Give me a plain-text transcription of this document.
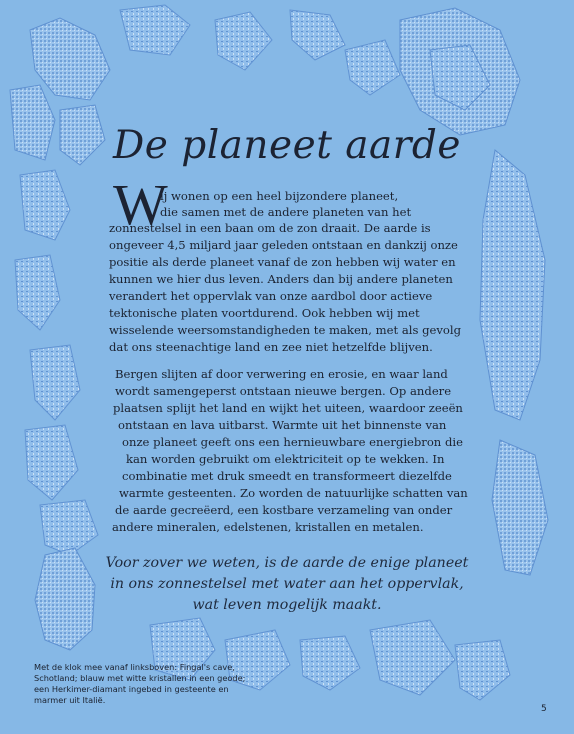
De planeet aarde
W
ij wonen op een heel bijzondere planeet,
die samen met de andere planeten van het
zonnestelsel in een baan om de zon draait. De aarde is
ongeveer 4,5 miljard jaar geleden ontstaan en dankzij onze
positie als derde planeet vanaf de zon hebben wij water en
kunnen we hier dus leven. Anders dan bij andere planeten
verandert het oppervlak van onze aardbol door actieve
tektonische platen voortdurend. Ook hebben wij met
wisselende weersomstandigheden te maken, met als gevolg
dat ons steenachtige land en zee niet hetzelfde blijven.
Bergen slijten af door verwering en erosie, en waar land
wordt samengeperst ontstaan nieuwe bergen. Op andere
plaatsen splijt het land en wijkt het uiteen, waardoor zeeën
ontstaan en lava uitbarst. Warmte uit het binnenste van
onze planeet geeft ons een hernieuwbare energiebron die
kan worden gebruikt om elektriciteit op te wekken. In
combinatie met druk smeedt en transformeert diezelfde
warmte gesteenten. Zo worden de natuurlijke schatten van
de aarde gecreëerd, een kostbare verzameling van onder
andere mineralen, edelstenen, kristallen en metalen.
Voor zover we weten, is de aarde de enige planeet
in ons zonnestelsel met water aan het oppervlak,
wat leven mogelijk maakt.
Met de klok mee vanaf linksboven: Fingal's cave,
Schotland; blauw met witte kristallen in een geode;
een Herkimer-diamant ingebed in gesteente en
marmer uit Italië.
5
